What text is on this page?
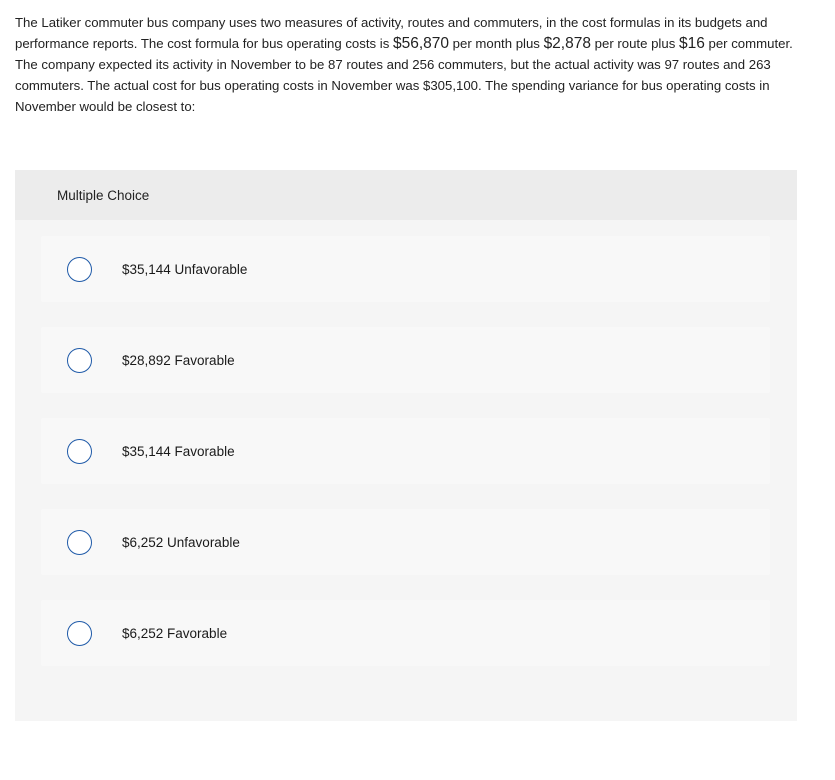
The Latiker commuter bus company uses two measures of activity, routes and commuters, in the cost formulas in its budgets and performance reports. The cost formula for bus operating costs is $56,870 per month plus $2,878 per route plus $16 per commuter. The company expected its activity in November to be 87 routes and 256 commuters, but the actual activity was 97 routes and 263 commuters. The actual cost for bus operating costs in November was $305,100. The spending variance for bus operating costs in November would be closest to:
Multiple Choice
$35,144 Unfavorable
$28,892 Favorable
$35,144 Favorable
$6,252 Unfavorable
$6,252 Favorable
